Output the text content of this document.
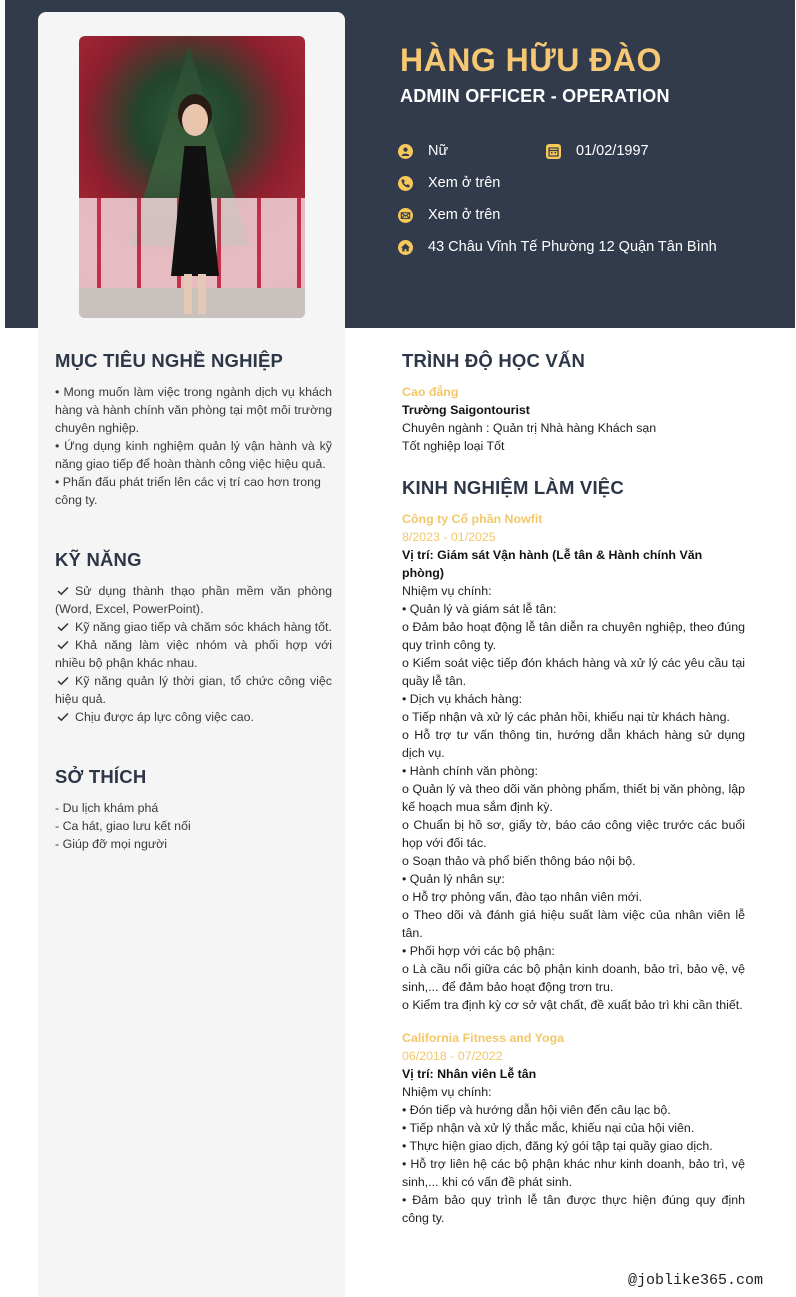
HÀNG HỮU ĐÀO
ADMIN OFFICER - OPERATION
Nữ	01/02/1997
Xem ở trên
Xem ở trên
43 Châu Vĩnh Tế Phường 12 Quận Tân Bình
MỤC TIÊU NGHỀ NGHIỆP

• Mong muốn làm việc trong ngành dịch vụ khách hàng và hành chính văn phòng tại một môi trường chuyên nghiệp.

• Ứng dụng kinh nghiệm quản lý vận hành và kỹ năng giao tiếp để hoàn thành công việc hiệu quả.

• Phấn đấu phát triển lên các vị trí cao hơn trong công ty.

KỸ NĂNG

Sử dụng thành thạo phần mềm văn phòng (Word, Excel, PowerPoint).

Kỹ năng giao tiếp và chăm sóc khách hàng tốt.

Khả năng làm việc nhóm và phối hợp với nhiều bộ phận khác nhau.

Kỹ năng quản lý thời gian, tổ chức công việc hiệu quả.

Chịu được áp lực công việc cao.

SỞ THÍCH

- Du lịch khám phá

- Ca hát, giao lưu kết nối

- Giúp đỡ mọi người

TRÌNH ĐỘ HỌC VẤN

Cao đẳng

Trường Saigontourist

Chuyên ngành : Quản trị Nhà hàng Khách sạn

Tốt nghiệp loại Tốt

KINH NGHIỆM LÀM VIỆC

Công ty Cổ phần Nowfit

8/2023 - 01/2025

Vị trí: Giám sát Vận hành (Lễ tân & Hành chính Văn phòng)

Nhiệm vụ chính:

• Quản lý và giám sát lễ tân:

o Đảm bảo hoạt động lễ tân diễn ra chuyên nghiệp, theo đúng quy trình công ty.

o Kiểm soát việc tiếp đón khách hàng và xử lý các yêu cầu tại quầy lễ tân.

• Dịch vụ khách hàng:

o Tiếp nhận và xử lý các phản hồi, khiếu nại từ khách hàng.

o Hỗ trợ tư vấn thông tin, hướng dẫn khách hàng sử dụng dịch vụ.

• Hành chính văn phòng:

o Quản lý và theo dõi văn phòng phẩm, thiết bị văn phòng, lập kế hoạch mua sắm định kỳ.

o Chuẩn bị hồ sơ, giấy tờ, báo cáo công việc trước các buổi họp với đối tác.

o Soạn thảo và phổ biến thông báo nội bộ.

• Quản lý nhân sự:

o Hỗ trợ phỏng vấn, đào tạo nhân viên mới.

o Theo dõi và đánh giá hiệu suất làm việc của nhân viên lễ tân.

• Phối hợp với các bộ phận:

o Là cầu nối giữa các bộ phận kinh doanh, bảo trì, bảo vệ, vệ sinh,... để đảm bảo hoạt động trơn tru.

o Kiểm tra định kỳ cơ sở vật chất, đề xuất bảo trì khi cần thiết.

California Fitness and Yoga

06/2018 - 07/2022

Vị trí: Nhân viên Lễ tân

Nhiệm vụ chính:

• Đón tiếp và hướng dẫn hội viên đến câu lạc bộ.

• Tiếp nhận và xử lý thắc mắc, khiếu nại của hội viên.

• Thực hiện giao dịch, đăng ký gói tập tại quầy giao dịch.

• Hỗ trợ liên hệ các bộ phận khác như kinh doanh, bảo trì, vệ sinh,... khi có vấn đề phát sinh.

• Đảm bảo quy trình lễ tân được thực hiện đúng quy định công ty.

@joblike365.com
